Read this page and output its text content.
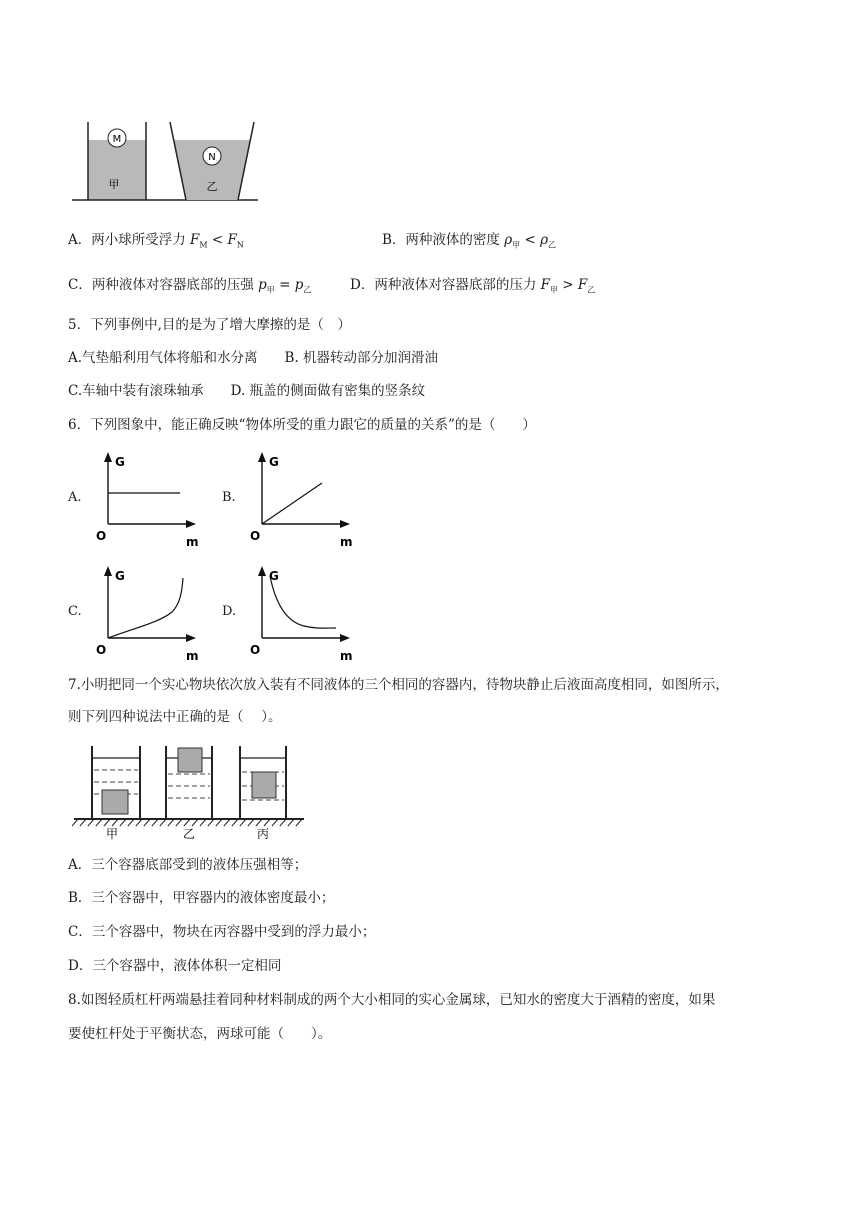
M
甲
N
乙
A．两小球所受浮力 $F_M < F_N$	B．两种液体的密度 $\rho_甲 < \rho_乙$
C．两种液体对容器底部的压强 $p_甲 = p_乙$	D．两种液体对容器底部的压力 $F_甲 > F_乙$
5．下列事例中,目的是为了增大摩擦的是（　）
A.气垫船利用气体将船和水分离　　B. 机器转动部分加润滑油
C.车轴中装有滚珠轴承　　D. 瓶盖的侧面做有密集的竖条纹
6．下列图象中，能正确反映“物体所受的重力跟它的质量的关系”的是（　　）
A.
G
O	m
B.
G
O	m
C.
G
O	m
D.
G
O	m
7.小明把同一个实心物块依次放入装有不同液体的三个相同的容器内，待物块静止后液面高度相同，如图所示，
则下列四种说法中正确的是（　 ）。
甲	乙	丙
A．三个容器底部受到的液体压强相等；
B．三个容器中，甲容器内的液体密度最小；
C．三个容器中，物块在丙容器中受到的浮力最小；
D．三个容器中，液体体积一定相同
8.如图轻质杠杆两端悬挂着同种材料制成的两个大小相同的实心金属球，已知水的密度大于酒精的密度，如果
要使杠杆处于平衡状态，两球可能（　　）。
